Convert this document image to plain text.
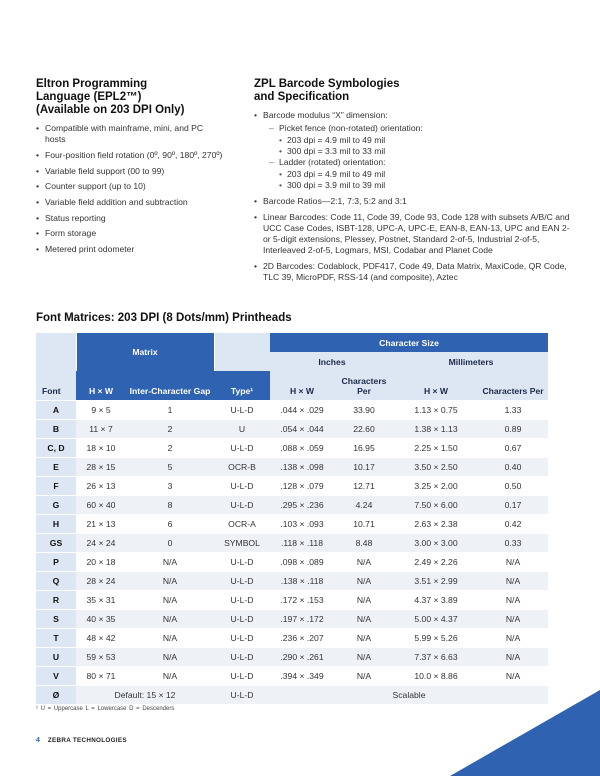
Eltron Programming
Language (EPL2™)
(Available on 203 DPI Only)
• Compatible with mainframe, mini, and PC hosts
• Four-position field rotation (0º, 90º, 180º, 270º)
• Variable field support (00 to 99)
• Counter support (up to 10)
• Variable field addition and subtraction
• Status reporting
• Form storage
• Metered print odometer
ZPL Barcode Symbologies
and Specification
• Barcode modulus “X” dimension:
– Picket fence (non-rotated) orientation:
• 203 dpi = 4.9 mil to 49 mil
• 300 dpi = 3.3 mil to 33 mil
– Ladder (rotated) orientation:
• 203 dpi = 4.9 mil to 49 mil
• 300 dpi = 3.9 mil to 39 mil
• Barcode Ratios—2:1, 7:3, 5:2 and 3:1
• Linear Barcodes: Code 11, Code 39, Code 93, Code 128 with subsets A/B/C and UCC Case Codes, ISBT-128, UPC-A, UPC-E, EAN-8, EAN-13, UPC and EAN 2- or 5-digit extensions, Plessey, Postnet, Standard 2-of-5, Industrial 2-of-5, Interleaved 2-of-5, Logmars, MSI, Codabar and Planet Code
• 2D Barcodes: Codablock, PDF417, Code 49, Data Matrix, MaxiCode, QR Code, TLC 39, MicroPDF, RSS-14 (and composite), Aztec
Font Matrices: 203 DPI (8 Dots/mm) Printheads
Font	Matrix			Character Size			
				Inches		Millimeters	
	H × W	Inter-Character Gap	Type¹	H × W	Characters Per	H × W	Characters Per
A	9 × 5	1	U-L-D	.044 × .029	33.90	1.13 × 0.75	1.33
B	11 × 7	2	U	.054 × .044	22.60	1.38 × 1.13	0.89
C, D	18 × 10	2	U-L-D	.088 × .059	16.95	2.25 × 1.50	0.67
E	28 × 15	5	OCR-B	.138 × .098	10.17	3.50 × 2.50	0.40
F	26 × 13	3	U-L-D	.128 × .079	12.71	3.25 × 2.00	0.50
G	60 × 40	8	U-L-D	.295 × .236	4.24	7.50 × 6.00	0.17
H	21 × 13	6	OCR-A	.103 × .093	10.71	2.63 × 2.38	0.42
GS	24 × 24	0	SYMBOL	.118 × .118	8.48	3.00 × 3.00	0.33
P	20 × 18	N/A	U-L-D	.098 × .089	N/A	2.49 × 2.26	N/A
Q	28 × 24	N/A	U-L-D	.138 × .118	N/A	3.51 × 2.99	N/A
R	35 × 31	N/A	U-L-D	.172 × .153	N/A	4.37 × 3.89	N/A
S	40 × 35	N/A	U-L-D	.197 × .172	N/A	5.00 × 4.37	N/A
T	48 × 42	N/A	U-L-D	.236 × .207	N/A	5.99 × 5.26	N/A
U	59 × 53	N/A	U-L-D	.290 × .261	N/A	7.37 × 6.63	N/A
V	80 × 71	N/A	U-L-D	.394 × .349	N/A	10.0 × 8.86	N/A
Ø	Default: 15 × 12		U-L-D	Scalable			
¹ U = Uppercase L = Lowercase D = Descenders
4 ZEBRA TECHNOLOGIES
